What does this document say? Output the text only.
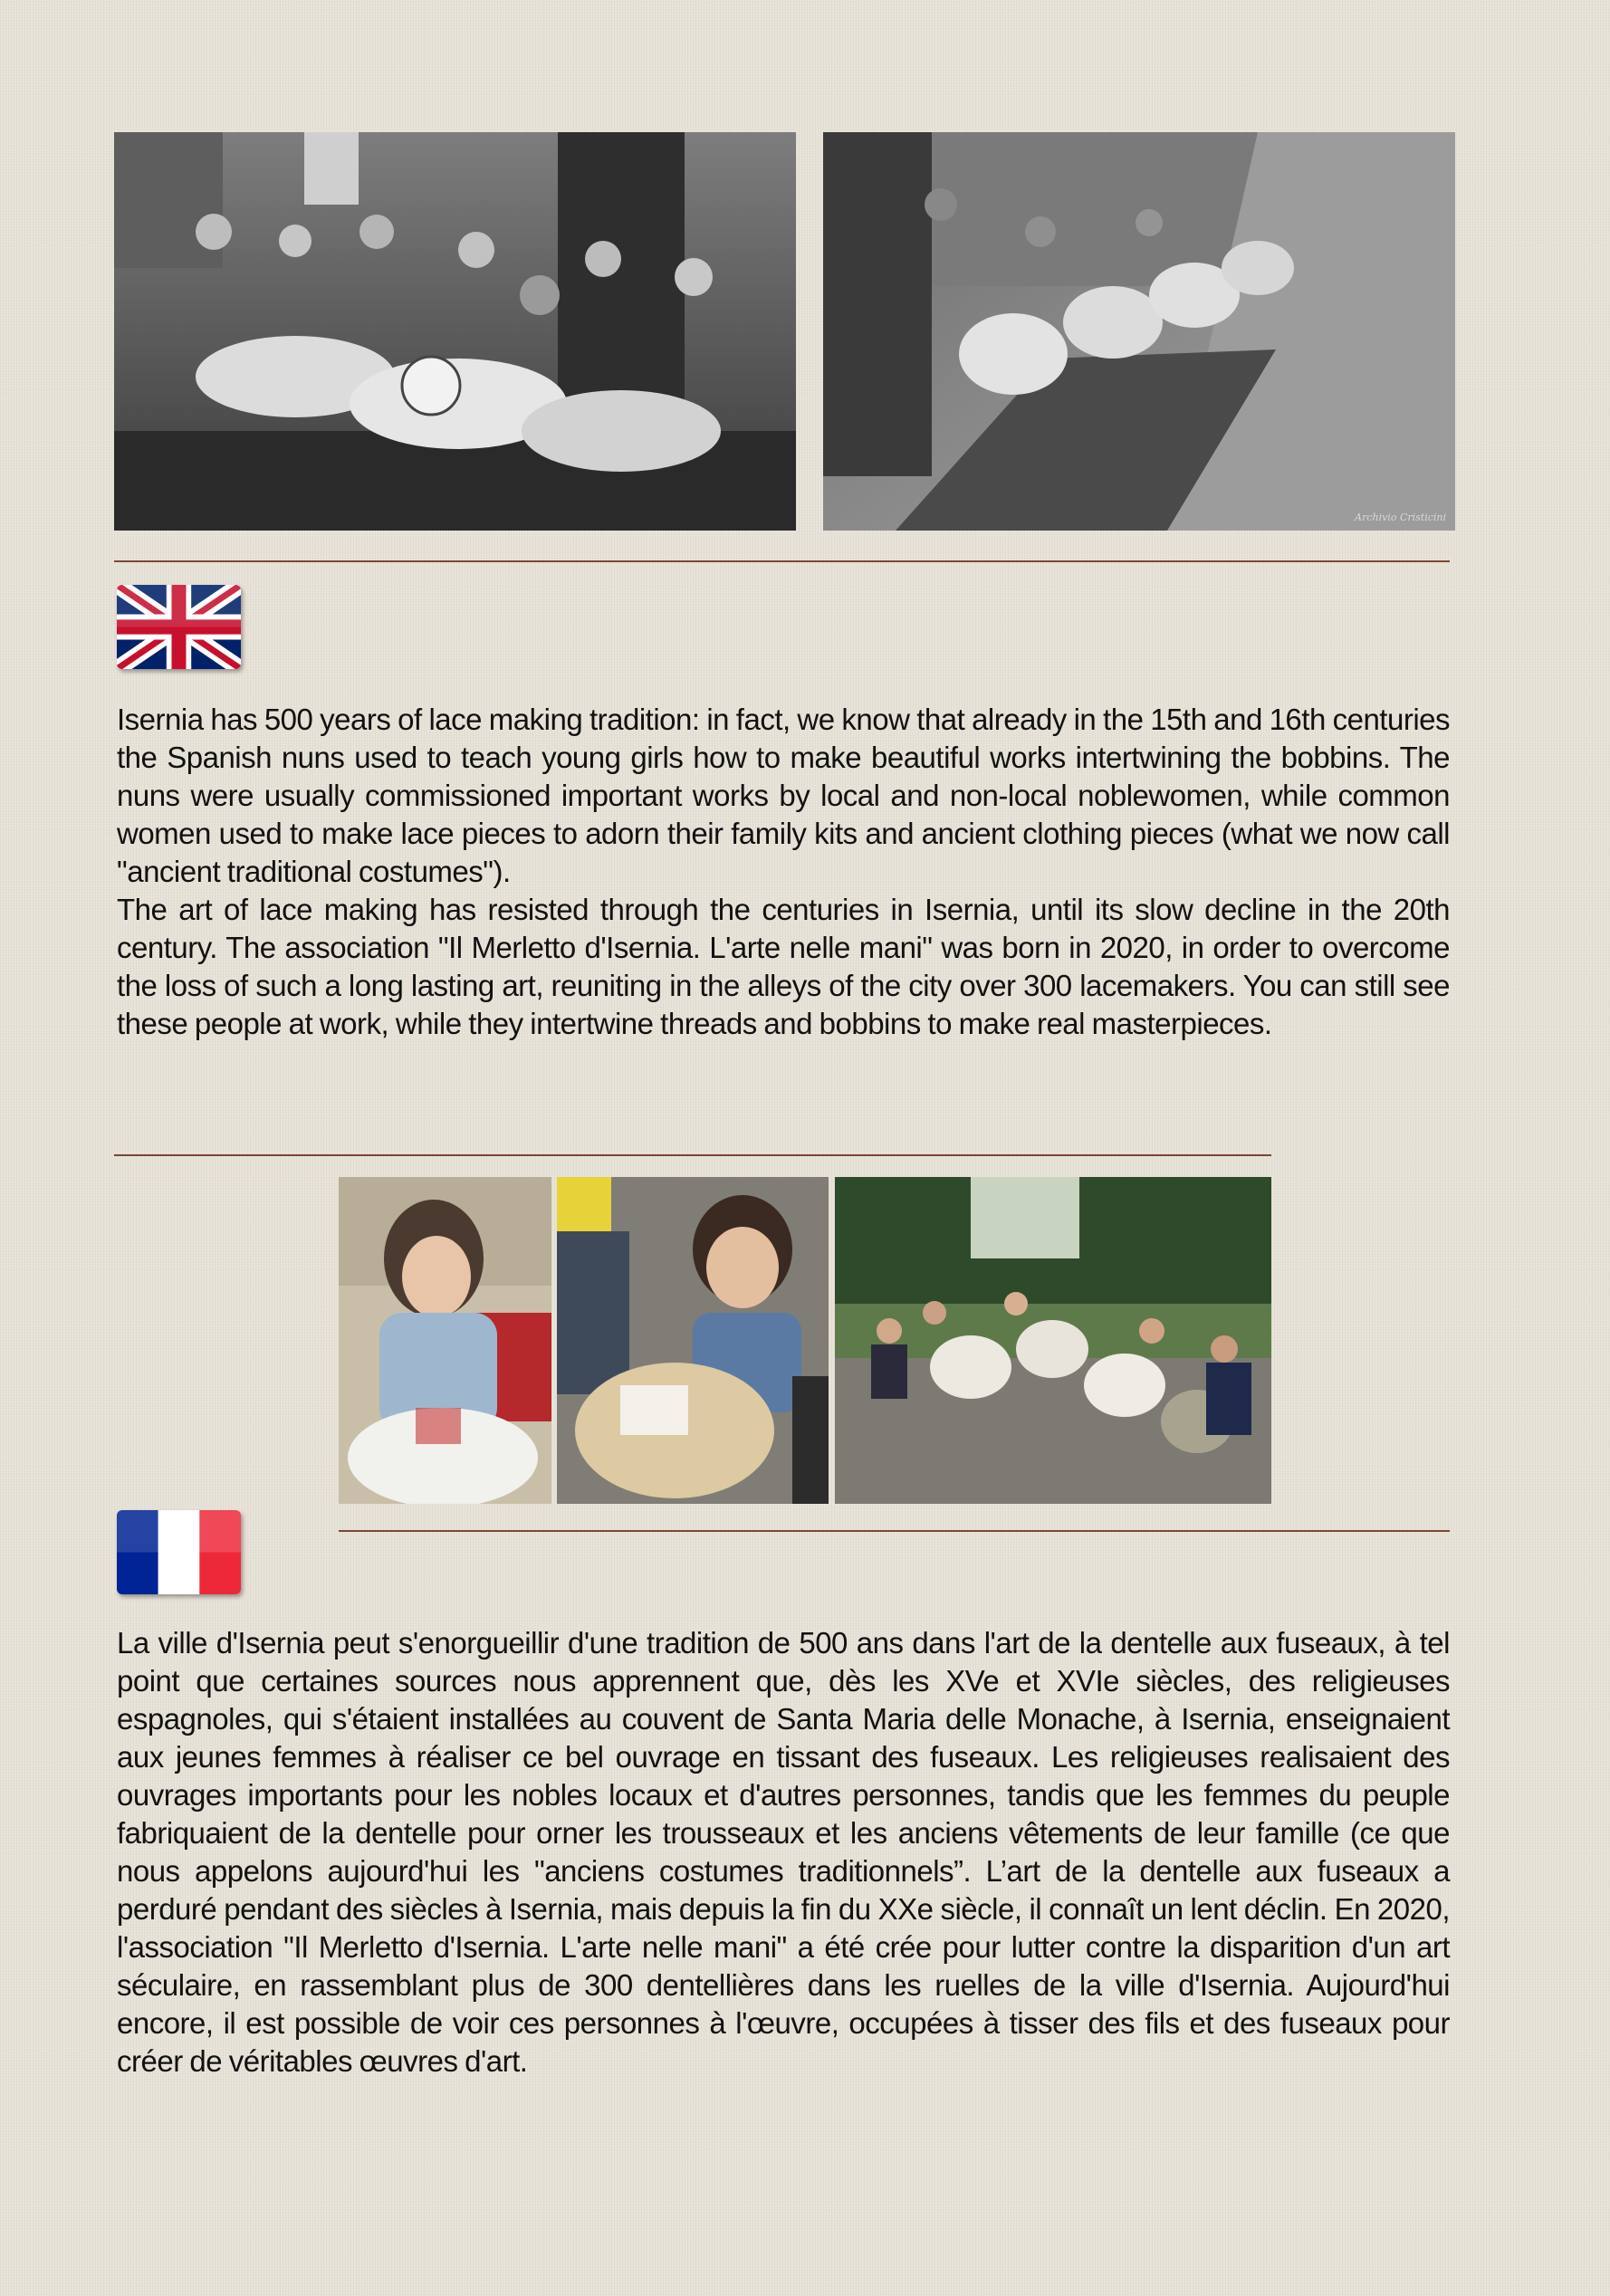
Archivio Cristicini

Isernia has 500 years of lace making tradition: in fact, we know that already in the 15th and 16th centuries the Spanish nuns used to teach young girls how to make beautiful works intertwining the bobbins. The nuns were usually commissioned important works by local and non-local noblewomen, while common women used to make lace pieces to adorn their family kits and ancient clothing pieces (what we now call "ancient traditional costumes").

The art of lace making has resisted through the centuries in Isernia, until its slow decline in the 20th century. The association "Il Merletto d'Isernia. L'arte nelle mani" was born in 2020, in order to overcome the loss of such a long lasting art, reuniting in the alleys of the city over 300 lacemakers. You can still see these people at work, while they intertwine threads and bobbins to make real masterpieces.

La ville d'Isernia peut s'enorgueillir d'une tradition de 500 ans dans l'art de la dentelle aux fuseaux, à tel point que certaines sources nous apprennent que, dès les XVe et XVIe siècles, des religieuses espagnoles, qui s'étaient installées au couvent de Santa Maria delle Monache, à Isernia, enseignaient aux jeunes femmes à réaliser ce bel ouvrage en tissant des fuseaux. Les religieuses realisaient des ouvrages importants pour les nobles locaux et d'autres personnes, tandis que les femmes du peuple fabriquaient de la dentelle pour orner les trousseaux et les anciens vêtements de leur famille (ce que nous appelons aujourd'hui les "anciens costumes traditionnels”. L’art de la dentelle aux fuseaux a perduré pendant des siècles à Isernia, mais depuis la fin du XXe siècle, il connaît un lent déclin. En 2020, l'association "Il Merletto d'Isernia. L'arte nelle mani" a été crée pour lutter contre la disparition d'un art séculaire, en rassemblant plus de 300 dentellières dans les ruelles de la ville d'Isernia. Aujourd'hui encore, il est possible de voir ces personnes à l'œuvre, occupées à tisser des fils et des fuseaux pour créer de véritables œuvres d'art.
